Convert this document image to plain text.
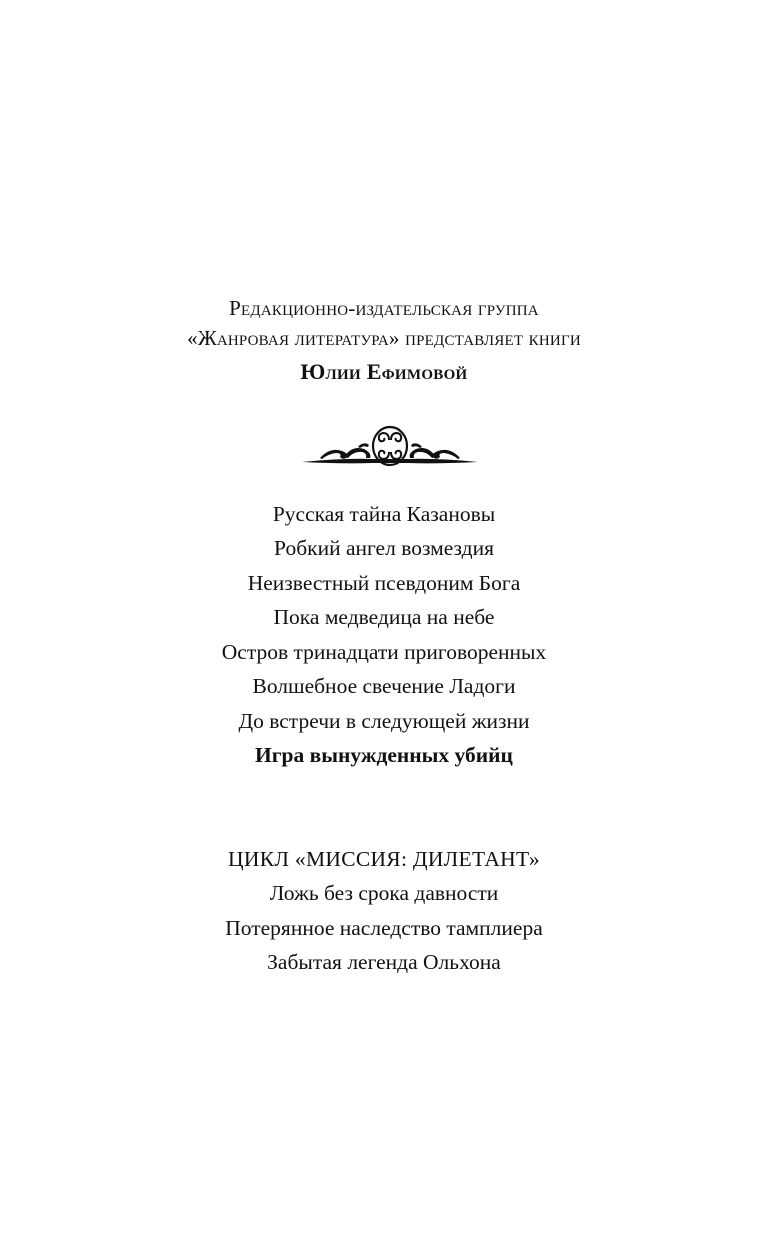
Редакционно-издательская группа
«Жанровая литература» представляет книги
Юлии Ефимовой
Русская тайна Казановы
Робкий ангел возмездия
Неизвестный псевдоним Бога
Пока медведица на небе
Остров тринадцати приговоренных
Волшебное свечение Ладоги
До встречи в следующей жизни
Игра вынужденных убийц
ЦИКЛ «МИССИЯ: ДИЛЕТАНТ»
Ложь без срока давности
Потерянное наследство тамплиера
Забытая легенда Ольхона
